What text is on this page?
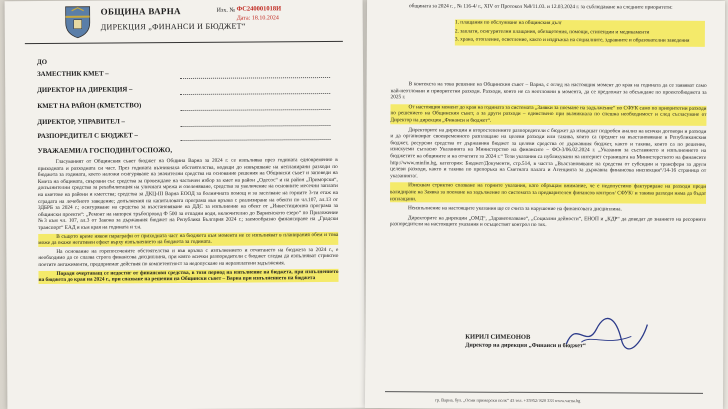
ОБЩИНА ВАРНА
ДИРЕКЦИЯ „ФИНАНСИ И БЮДЖЕТ“
Изх. № ФС240001018И
Дата: 18.10.2024
ДО
ЗАМЕСТНИК КМЕТ –
ДИРЕКТОР НА ДИРЕКЦИЯ –
КМЕТ НА РАЙОН (КМЕТСТВО)
ДИРЕКТОР, УПРАВИТЕЛ –
РАЗПОРЕДИТЕЛ С БЮДЖЕТ –
УВАЖАЕМИ/А ГОСПОДИН/ГОСПОЖО,

Гласуваният от Общинския съвет бюджет на Община Варна за 2024 г. се изпълнява през годината едновременно в приходната и разходната си част. През годината възникнаха обстоятелства, водещи до извършване на непланирани разходи по бюджета за годината, което наложи осигуряване на значителни средства на основание решения на Общински съвет и заповеди на Кмета на общината, свързани със средства за провеждане на частичен избор за кмет на район „Одесос“ и на район „Приморски“, допълнителни средства за рехабилитация на уличната мрежа и озеленяване, средства за увеличение на основните месечни заплати на кметове на райони и кметства; средства за ДКЦ-III Варна ЕООД за болничната помощ и за заселване на горните 3-ти етаж на сградата на лечебното заведение; допълнения на капиталовата програма във връзка с реализиране на обекти по чл.107, ал.13 от ЗДБРБ за 2024 г.; осигуряване на средства за възстановяване на ДДС за изпълнение на обект от „Инвестиционна програма за общински проекти“: „Ремонт на напорен тръбопровод Ф 500 за отпадни води, включително до Варненското езеро“ по Приложение №3 към чл. 107, ал.3 от Закона за държавния бюджет на Република България 2024 г.; заемообразно финансиране на „Градски транспорт“ ЕАД и към края на годината и т.н.

В същото време някои параграфи от приходната част на бюджета към момента не се изпълняват в планирания обем и това може да окаже негативен ефект върху изпълнението на бюджета за годината.

На основание на горепосочените обстоятелства и във връзка с изпълнението и отчитането на бюджета за 2024 г., е необходимо да се спазва строга финансова дисциплина, при която всички разпоредители с бюджет следва да изпълняват стриктно поетите ангажименти, предприемат действия по компетентност за недопускане на неразплатени задължения.

Поради очертаващ се недостиг от финансови средства, в този период на изпълнение на бюджета, при изпълнението на бюджета до края на 2024 г., при спазване на решения на Общински съвет – Варна при изпълнението на бюджета

общината за 2024 г. , № 116-4/ г., XIV от Протокол №8/11.03. и 12.03.2024 г. за съблюдаване на следните приоритети:

1. плащания по обслужване на общинския дълг
2. заплати, осигурителни плащания, обезщетения, помощи, стипендии и медикаменти
3. храна, отопление, осветление, както и издръжка на социалните, здравните и образователни заведения

В контекста на това решение на Общинския съвет – Варна, с оглед на настоящия момент до края на годината да се заявяват само най-неотложни и приоритетни разходи. Разходи, които не са неотложни в момента, да се предложат за обсъждане по проектобюджета за 2025 г.

От настоящия момент до края на годината за системата „Заявки за поемане на задължение“ по СФУК само по приоритетни разходи по решението на Общинския съвет, а за други разходи – единствено при възникнала по спешна необходимост и след съгласуване от Директор на дирекция „Финанси и бюджет“.

Директорите на дирекции и второстепенните разпоредители с бюджет да извършат подробен анализ на всички договори и разходи и да организират своевременното разплащане на целеви разходи или такива, които са предмет на възстановяване в Републиканския бюджет, ресурсни средства от държавния бюджет за целеви средства от държавния бюджет, както и такива, които са по решение, изискуеми съгласно Указанията на Министерство на финансите – ФО-3/06.02.2024 г. „Указания за съставянето и изпълнението на бюджетите на общините и на отчетите за 2024 г.“ Тези указания са публикувани на интернет страницата на Министерството на финансите http://www.minfin.bg, категория: Бюджет/Документи, стр.514, в частта „Възстановяване на средства от субсидии и трансфери за други целеви разходи, както и такива по препоръка на Сметната палата и Агенцията за държавна финансова инспекция“/14-16 страница от указанията/.

Изисквам стриктно спазване на горните указания, като обръщам внимание, че е недопустимо фактуриране на разходи преди валидиране на Заявка за поемане на задължение по системата за предварителен финансов контрол/ СФУК/ и такива разходи няма да бъдат изплащани.

Неизпълнение на настоящите указания ще се счита за нарушение на финансовата дисциплина.

Директорите на дирекции „ОМД“, „Здравеопазване“, „Социални дейности“, ЕНОП и „КДР“ да доведат до знанието на ресорните разпоредители на настоящите указания и осъществят контрол по тях.

КИРИЛ СИМЕОНОВ
Директор на дирекция „Финанси и бюджет“
гр. Варна, бул. „Осми приморски полк“ 43 тел. +35952/ 820 333 www.varna.bg
